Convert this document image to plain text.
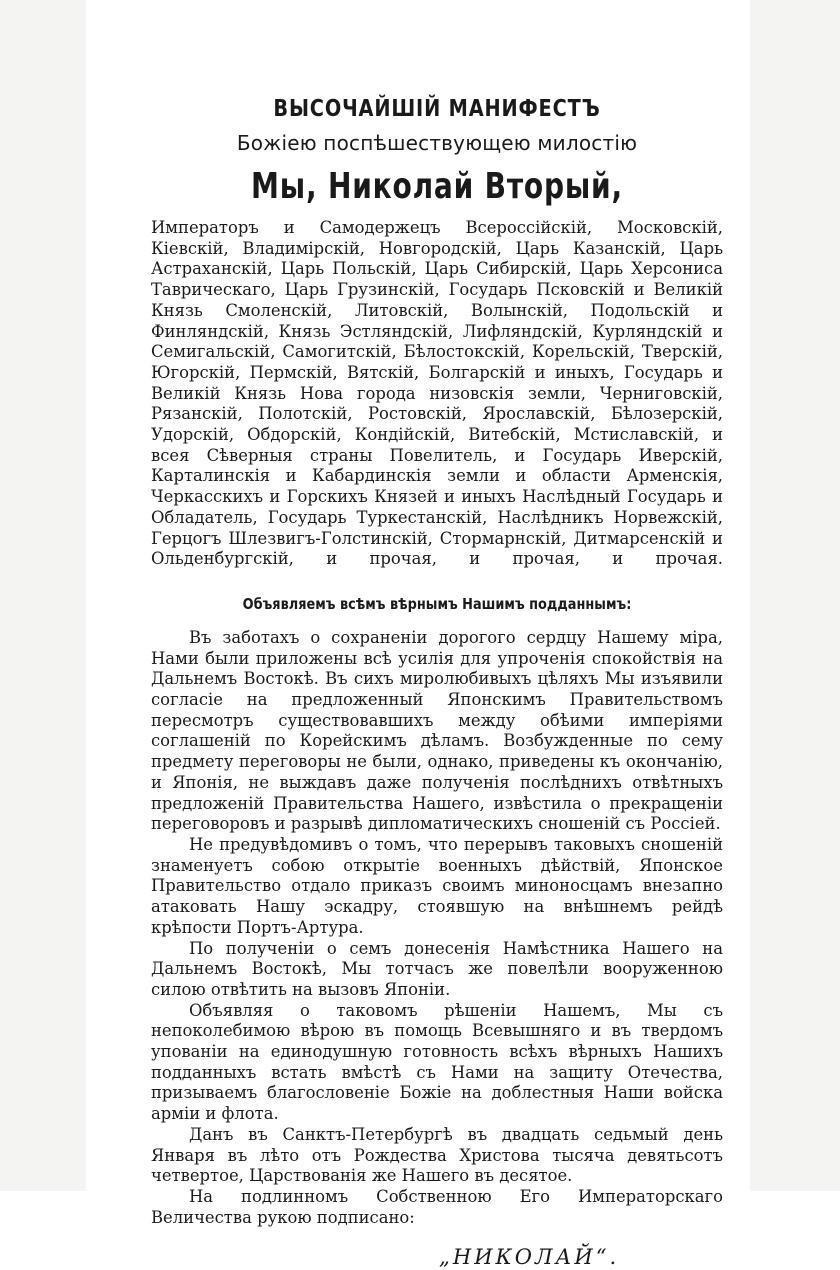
ВЫСОЧАЙШІЙ МАНИФЕСТЪ

Божіею поспѣшествующею милостію

Мы, Николай Вторый,

Императоръ и Самодержецъ Всероссійскій, Московскій, Кіевскій, Владимірскій, Новгородскій, Царь Казанскій, Царь Астраханскій, Царь Польскій, Царь Сибирскій, Царь Херсониса Таврическаго, Царь Грузинскій, Государь Псковскій и Великій Князь Смоленскій, Литовскій, Волынскій, Подольскій и Финляндскій, Князь Эстляндскій, Лифляндскій, Курляндскій и Семигальскій, Самогитскій, Бѣлостокскій, Корельскій, Тверскій, Югорскій, Пермскій, Вятскій, Болгарскій и иныхъ, Государь и Великій Князь Нова города низовскія земли, Черниговскій, Рязанскій, Полотскій, Ростовскій, Ярославскій, Бѣлозерскій, Удорскій, Обдорскій, Кондійскій, Витебскій, Мстиславскій, и всея Сѣверныя страны Повелитель, и Государь Иверскій, Карталинскія и Кабардинскія земли и области Арменскія, Черкасскихъ и Горскихъ Князей и иныхъ Наслѣдный Государь и Обладатель, Государь Туркестанскій, Наслѣдникъ Норвежскій, Герцогъ Шлезвигъ-Голстинскій, Стормарнскій, Дитмарсенскій и Ольденбургскій, и прочая, и прочая, и прочая.

Объявляемъ всѣмъ вѣрнымъ Нашимъ подданнымъ:

Въ заботахъ о сохраненіи дорогого сердцу Нашему міра, Нами были приложены всѣ усилія для упроченія спокойствія на Дальнемъ Востокѣ. Въ сихъ миролюбивыхъ цѣляхъ Мы изъявили согласіе на предложенный Японскимъ Правительствомъ пересмотръ существовавшихъ между обѣими имперіями соглашеній по Корейскимъ дѣламъ. Возбужденные по сему предмету переговоры не были, однако, приведены къ окончанію, и Японія, не выждавъ даже полученія послѣднихъ отвѣтныхъ предложеній Правительства Нашего, извѣстила о прекращеніи переговоровъ и разрывѣ дипломатическихъ сношеній съ Россіей.

Не предувѣдомивъ о томъ, что перерывъ таковыхъ сношеній знаменуетъ собою открытіе военныхъ дѣйствій, Японское Правительство отдало приказъ своимъ миноносцамъ внезапно атаковать Нашу эскадру, стоявшую на внѣшнемъ рейдѣ крѣпости Портъ-Артура.

По полученіи о семъ донесенія Намѣстника Нашего на Дальнемъ Востокѣ, Мы тотчасъ же повелѣли вооруженною силою отвѣтить на вызовъ Японіи.

Объявляя о таковомъ рѣшеніи Нашемъ, Мы съ непоколебимою вѣрою въ помощь Всевышняго и въ твердомъ упованіи на единодушную готовность всѣхъ вѣрныхъ Нашихъ подданныхъ встать вмѣстѣ съ Нами на защиту Отечества, призываемъ благословеніе Божіе на доблестныя Наши войска арміи и флота.

Данъ въ Санктъ-Петербургѣ въ двадцать седьмый день Января въ лѣто отъ Рождества Христова тысяча девятьсотъ четвертое, Царствованія же Нашего въ десятое.

На подлинномъ Собственною Его Императорскаго Величества рукою подписано:

„НИКОЛАЙ“.
